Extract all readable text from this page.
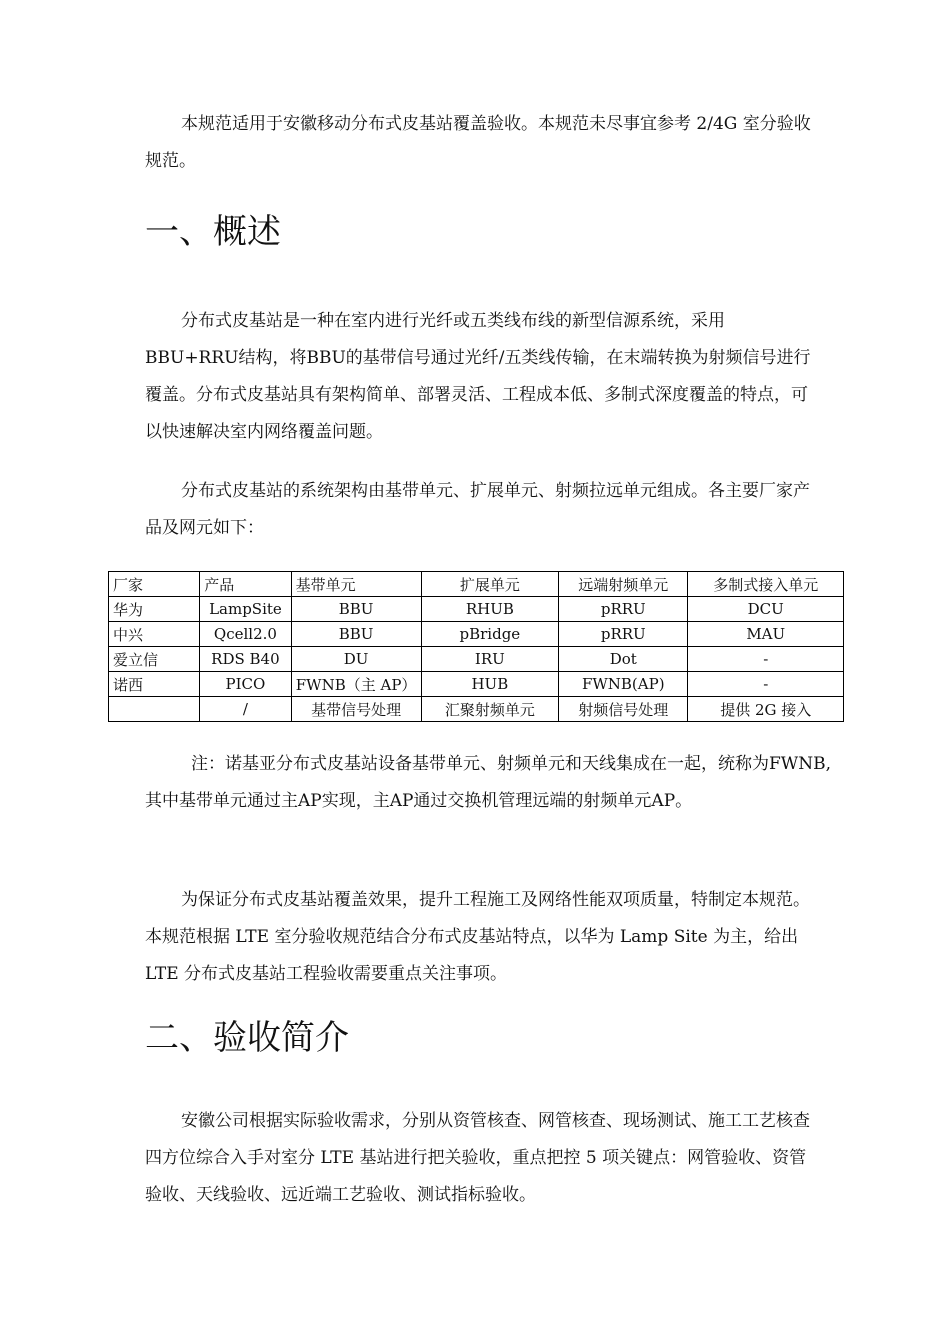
本规范适用于安徽移动分布式皮基站覆盖验收。本规范未尽事宜参考 2/4G 室分验收规范。

一、概述

分布式皮基站是一种在室内进行光纤或五类线布线的新型信源系统，采用BBU+RRU结构，将BBU的基带信号通过光纤/五类线传输，在末端转换为射频信号进行覆盖。分布式皮基站具有架构简单、部署灵活、工程成本低、多制式深度覆盖的特点，可以快速解决室内网络覆盖问题。

分布式皮基站的系统架构由基带单元、扩展单元、射频拉远单元组成。各主要厂家产品及网元如下：

厂家	产品	基带单元	扩展单元	远端射频单元	多制式接入单元
华为	LampSite	BBU	RHUB	pRRU	DCU
中兴	Qcell2.0	BBU	pBridge	pRRU	MAU
爱立信	RDS B40	DU	IRU	Dot	-
诺西	PICO	FWNB（主 AP）	HUB	FWNB(AP)	-
	/	基带信号处理	汇聚射频单元	射频信号处理	提供 2G 接入

注：诺基亚分布式皮基站设备基带单元、射频单元和天线集成在一起，统称为FWNB,其中基带单元通过主AP实现，主AP通过交换机管理远端的射频单元AP。

为保证分布式皮基站覆盖效果，提升工程施工及网络性能双项质量，特制定本规范。本规范根据 LTE 室分验收规范结合分布式皮基站特点，以华为 Lamp Site 为主，给出 LTE 分布式皮基站工程验收需要重点关注事项。

二、验收简介

安徽公司根据实际验收需求，分别从资管核查、网管核查、现场测试、施工工艺核查四方位综合入手对室分 LTE 基站进行把关验收，重点把控 5 项关键点：网管验收、资管验收、天线验收、远近端工艺验收、测试指标验收。
